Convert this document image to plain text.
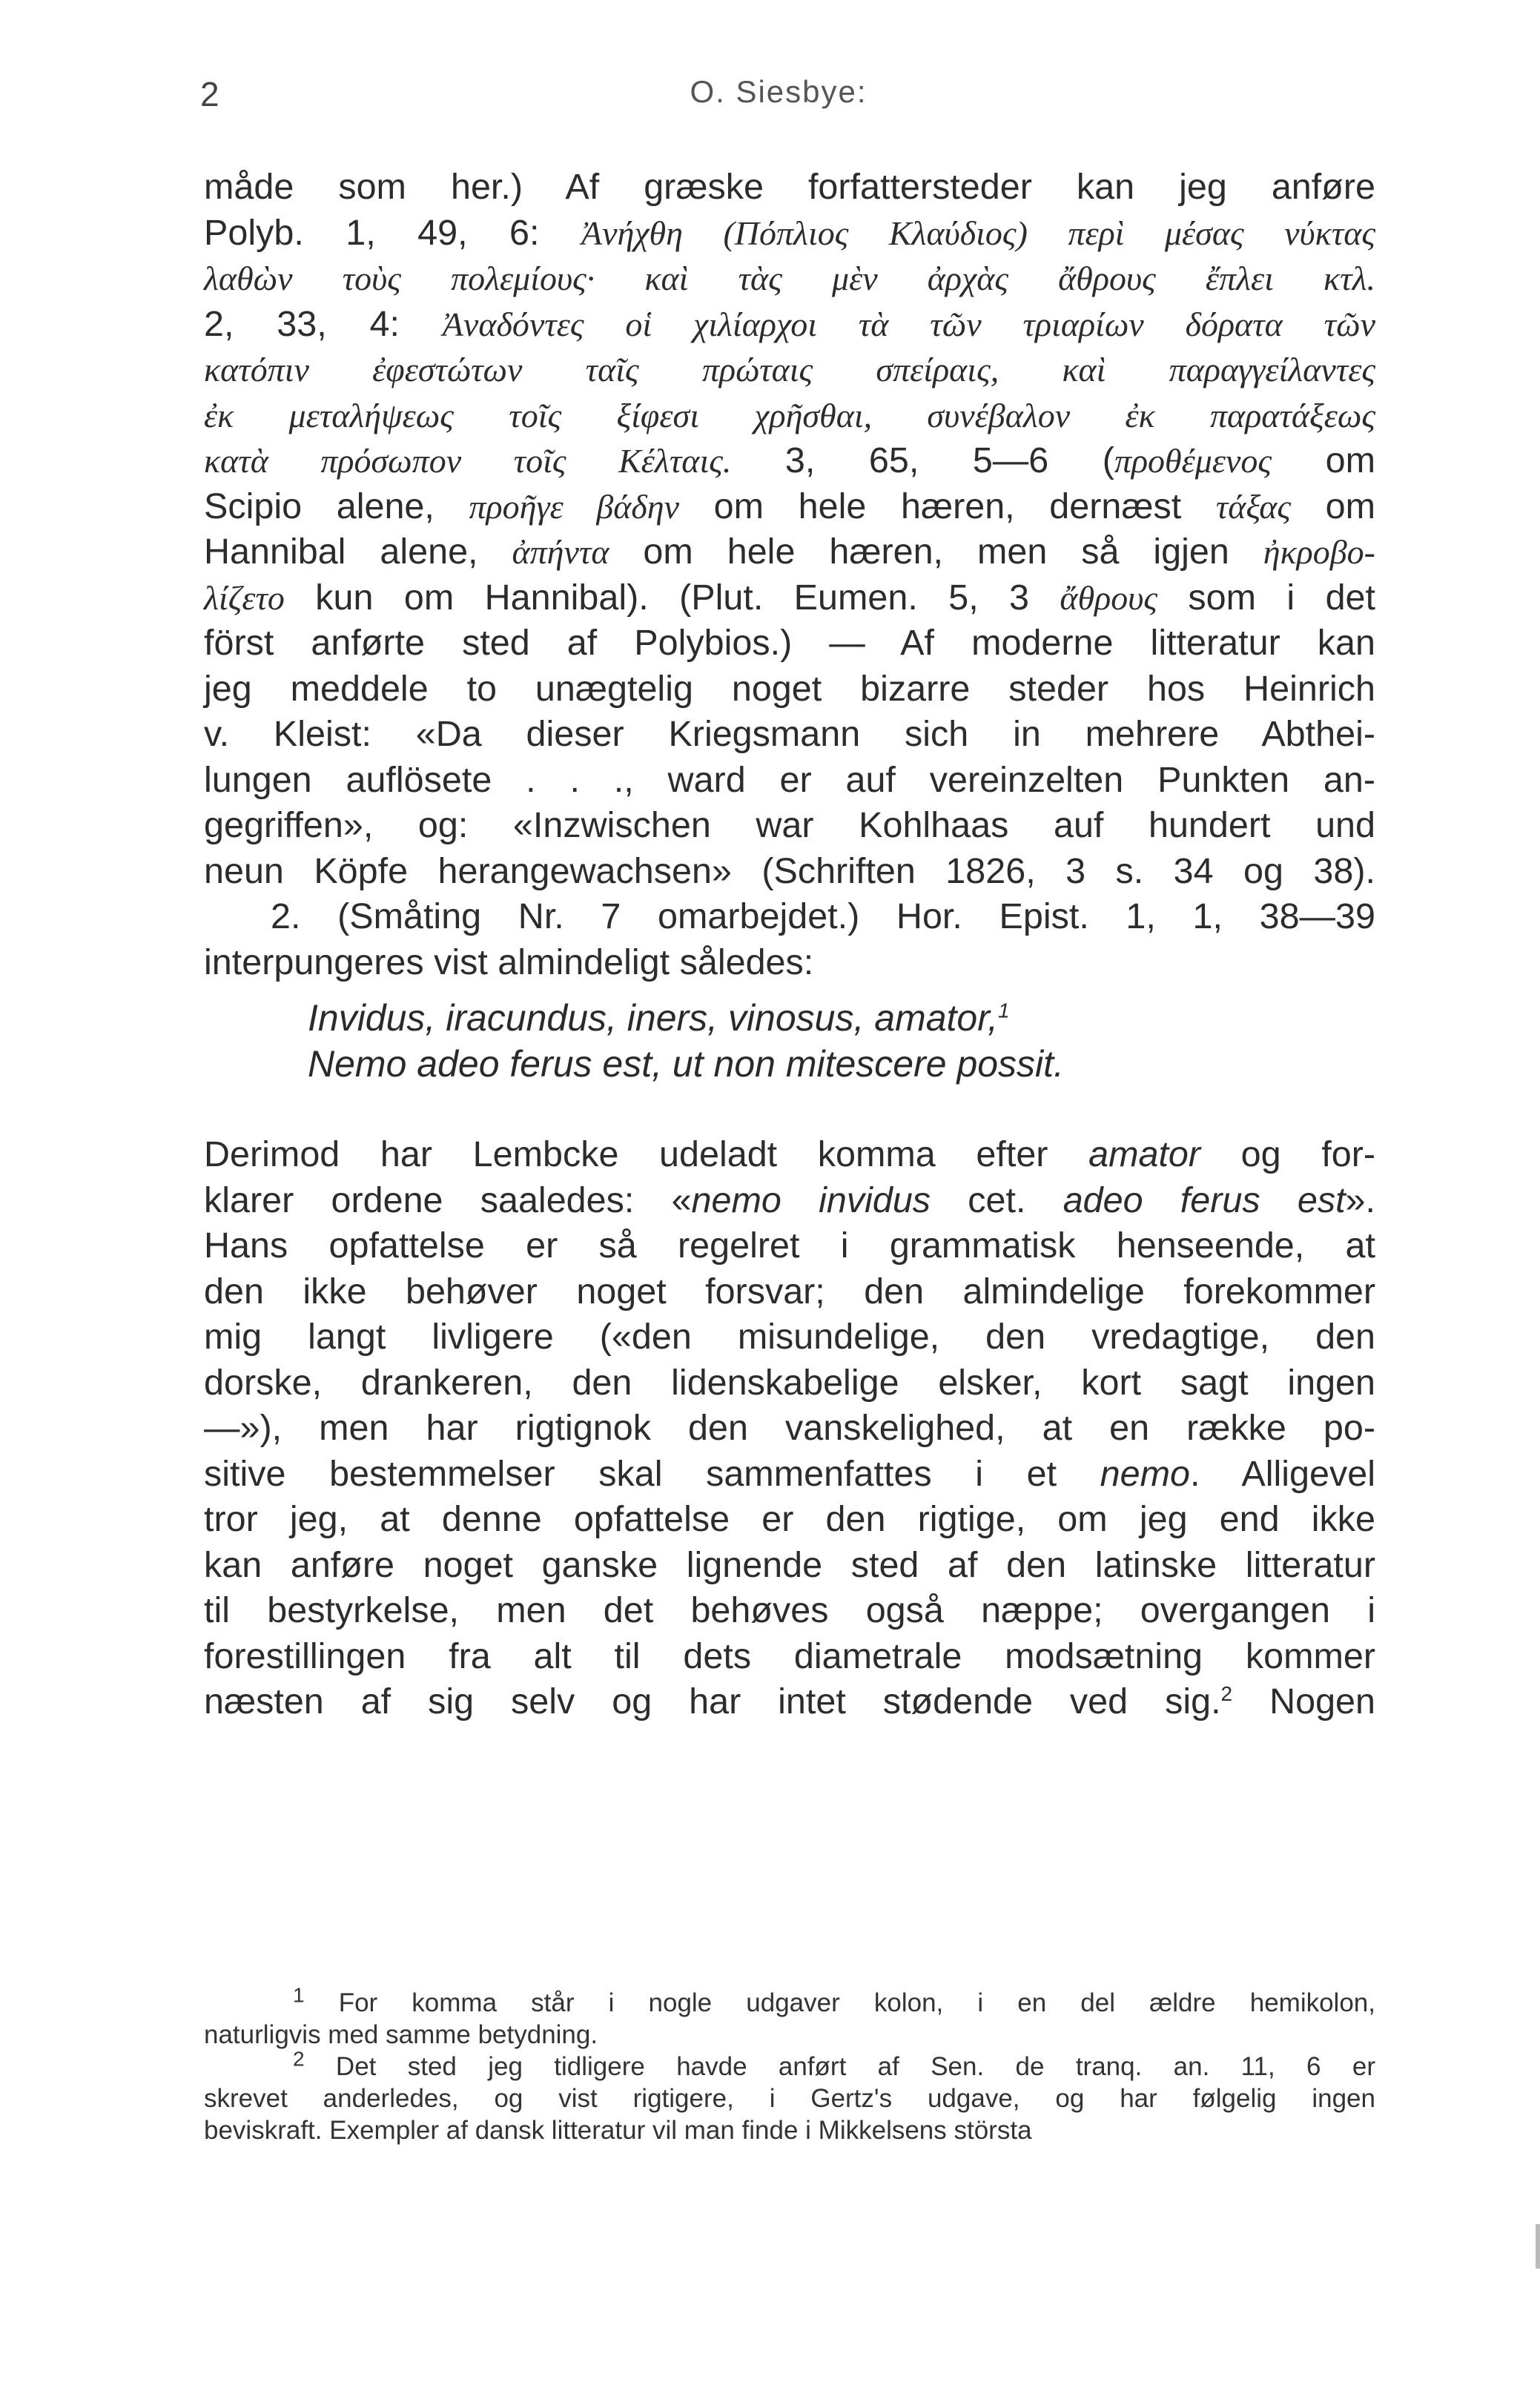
2	O. Siesbye:
måde som her.) Af græske forfattersteder kan jeg anføre
Polyb. 1, 49, 6: Ἀνήχθη (Πόπλιος Κλαύδιος) περὶ μέσας νύκτας
λαθὼν τοὺς πολεμίους· καὶ τὰς μὲν ἀρχὰς ἄθρους ἔπλει κτλ.
2, 33, 4: Ἀναδόντες οἱ χιλίαρχοι τὰ τῶν τριαρίων δόρατα τῶν
κατόπιν ἐφεστώτων ταῖς πρώταις σπείραις, καὶ παραγγείλαντες
ἐκ μεταλήψεως τοῖς ξίφεσι χρῆσθαι, συνέβαλον ἐκ παρατάξεως
κατὰ πρόσωπον τοῖς Κέλταις. 3, 65, 5—6 (προθέμενος om
Scipio alene, προῆγε βάδην om hele hæren, dernæst τάξας om
Hannibal alene, ἀπήντα om hele hæren, men så igjen ἠκροβο-
λίζετο kun om Hannibal). (Plut. Eumen. 5, 3 ἄθρους som i det
först anførte sted af Polybios.) — Af moderne litteratur kan
jeg meddele to unægtelig noget bizarre steder hos Heinrich
v. Kleist: «Da dieser Kriegsmann sich in mehrere Abthei-
lungen auflösete . . ., ward er auf vereinzelten Punkten an-
gegriffen», og: «Inzwischen war Kohlhaas auf hundert und
neun Köpfe herangewachsen» (Schriften 1826, 3 s. 34 og 38).
2. (Småting Nr. 7 omarbejdet.) Hor. Epist. 1, 1, 38—39
interpungeres vist almindeligt således:
Invidus, iracundus, iners, vinosus, amator,$^1$
Nemo adeo ferus est, ut non mitescere possit.
Derimod har Lembcke udeladt komma efter amator og for-
klarer ordene saaledes: «nemo invidus cet. adeo ferus est».
Hans opfattelse er så regelret i grammatisk henseende, at
den ikke behøver noget forsvar; den almindelige forekommer
mig langt livligere («den misundelige, den vredagtige, den
dorske, drankeren, den lidenskabelige elsker, kort sagt ingen
—»), men har rigtignok den vanskelighed, at en række po-
sitive bestemmelser skal sammenfattes i et nemo. Alligevel
tror jeg, at denne opfattelse er den rigtige, om jeg end ikke
kan anføre noget ganske lignende sted af den latinske litteratur
til bestyrkelse, men det behøves også næppe; overgangen i
forestillingen fra alt til dets diametrale modsætning kommer
næsten af sig selv og har intet stødende ved sig.$^2$ Nogen
$^1$ For komma står i nogle udgaver kolon, i en del ældre hemikolon,
naturligvis med samme betydning.
$^2$ Det sted jeg tidligere havde anført af Sen. de tranq. an. 11, 6 er
skrevet anderledes, og vist rigtigere, i Gertz's udgave, og har følgelig ingen
beviskraft. Exempler af dansk litteratur vil man finde i Mikkelsens största
